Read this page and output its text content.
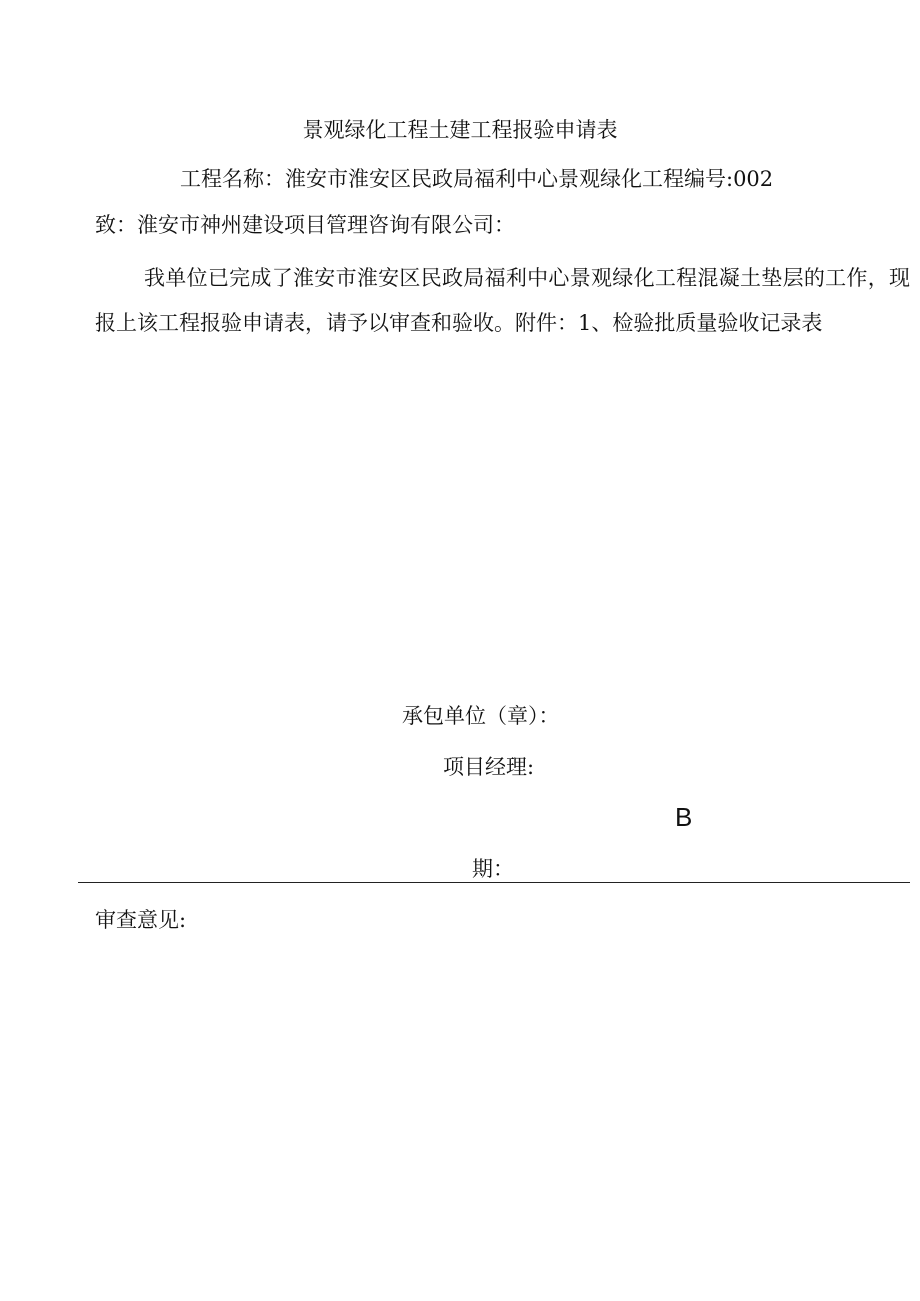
景观绿化工程土建工程报验申请表
工程名称：淮安市淮安区民政局福利中心景观绿化工程编号:002
致：淮安市神州建设项目管理咨询有限公司：
我单位已完成了淮安市淮安区民政局福利中心景观绿化工程混凝土垫层的工作，现报上该工程报验申请表，请予以审查和验收。附件：1、检验批质量验收记录表
承包单位（章）：
项目经理:
B
期：
审查意见:
